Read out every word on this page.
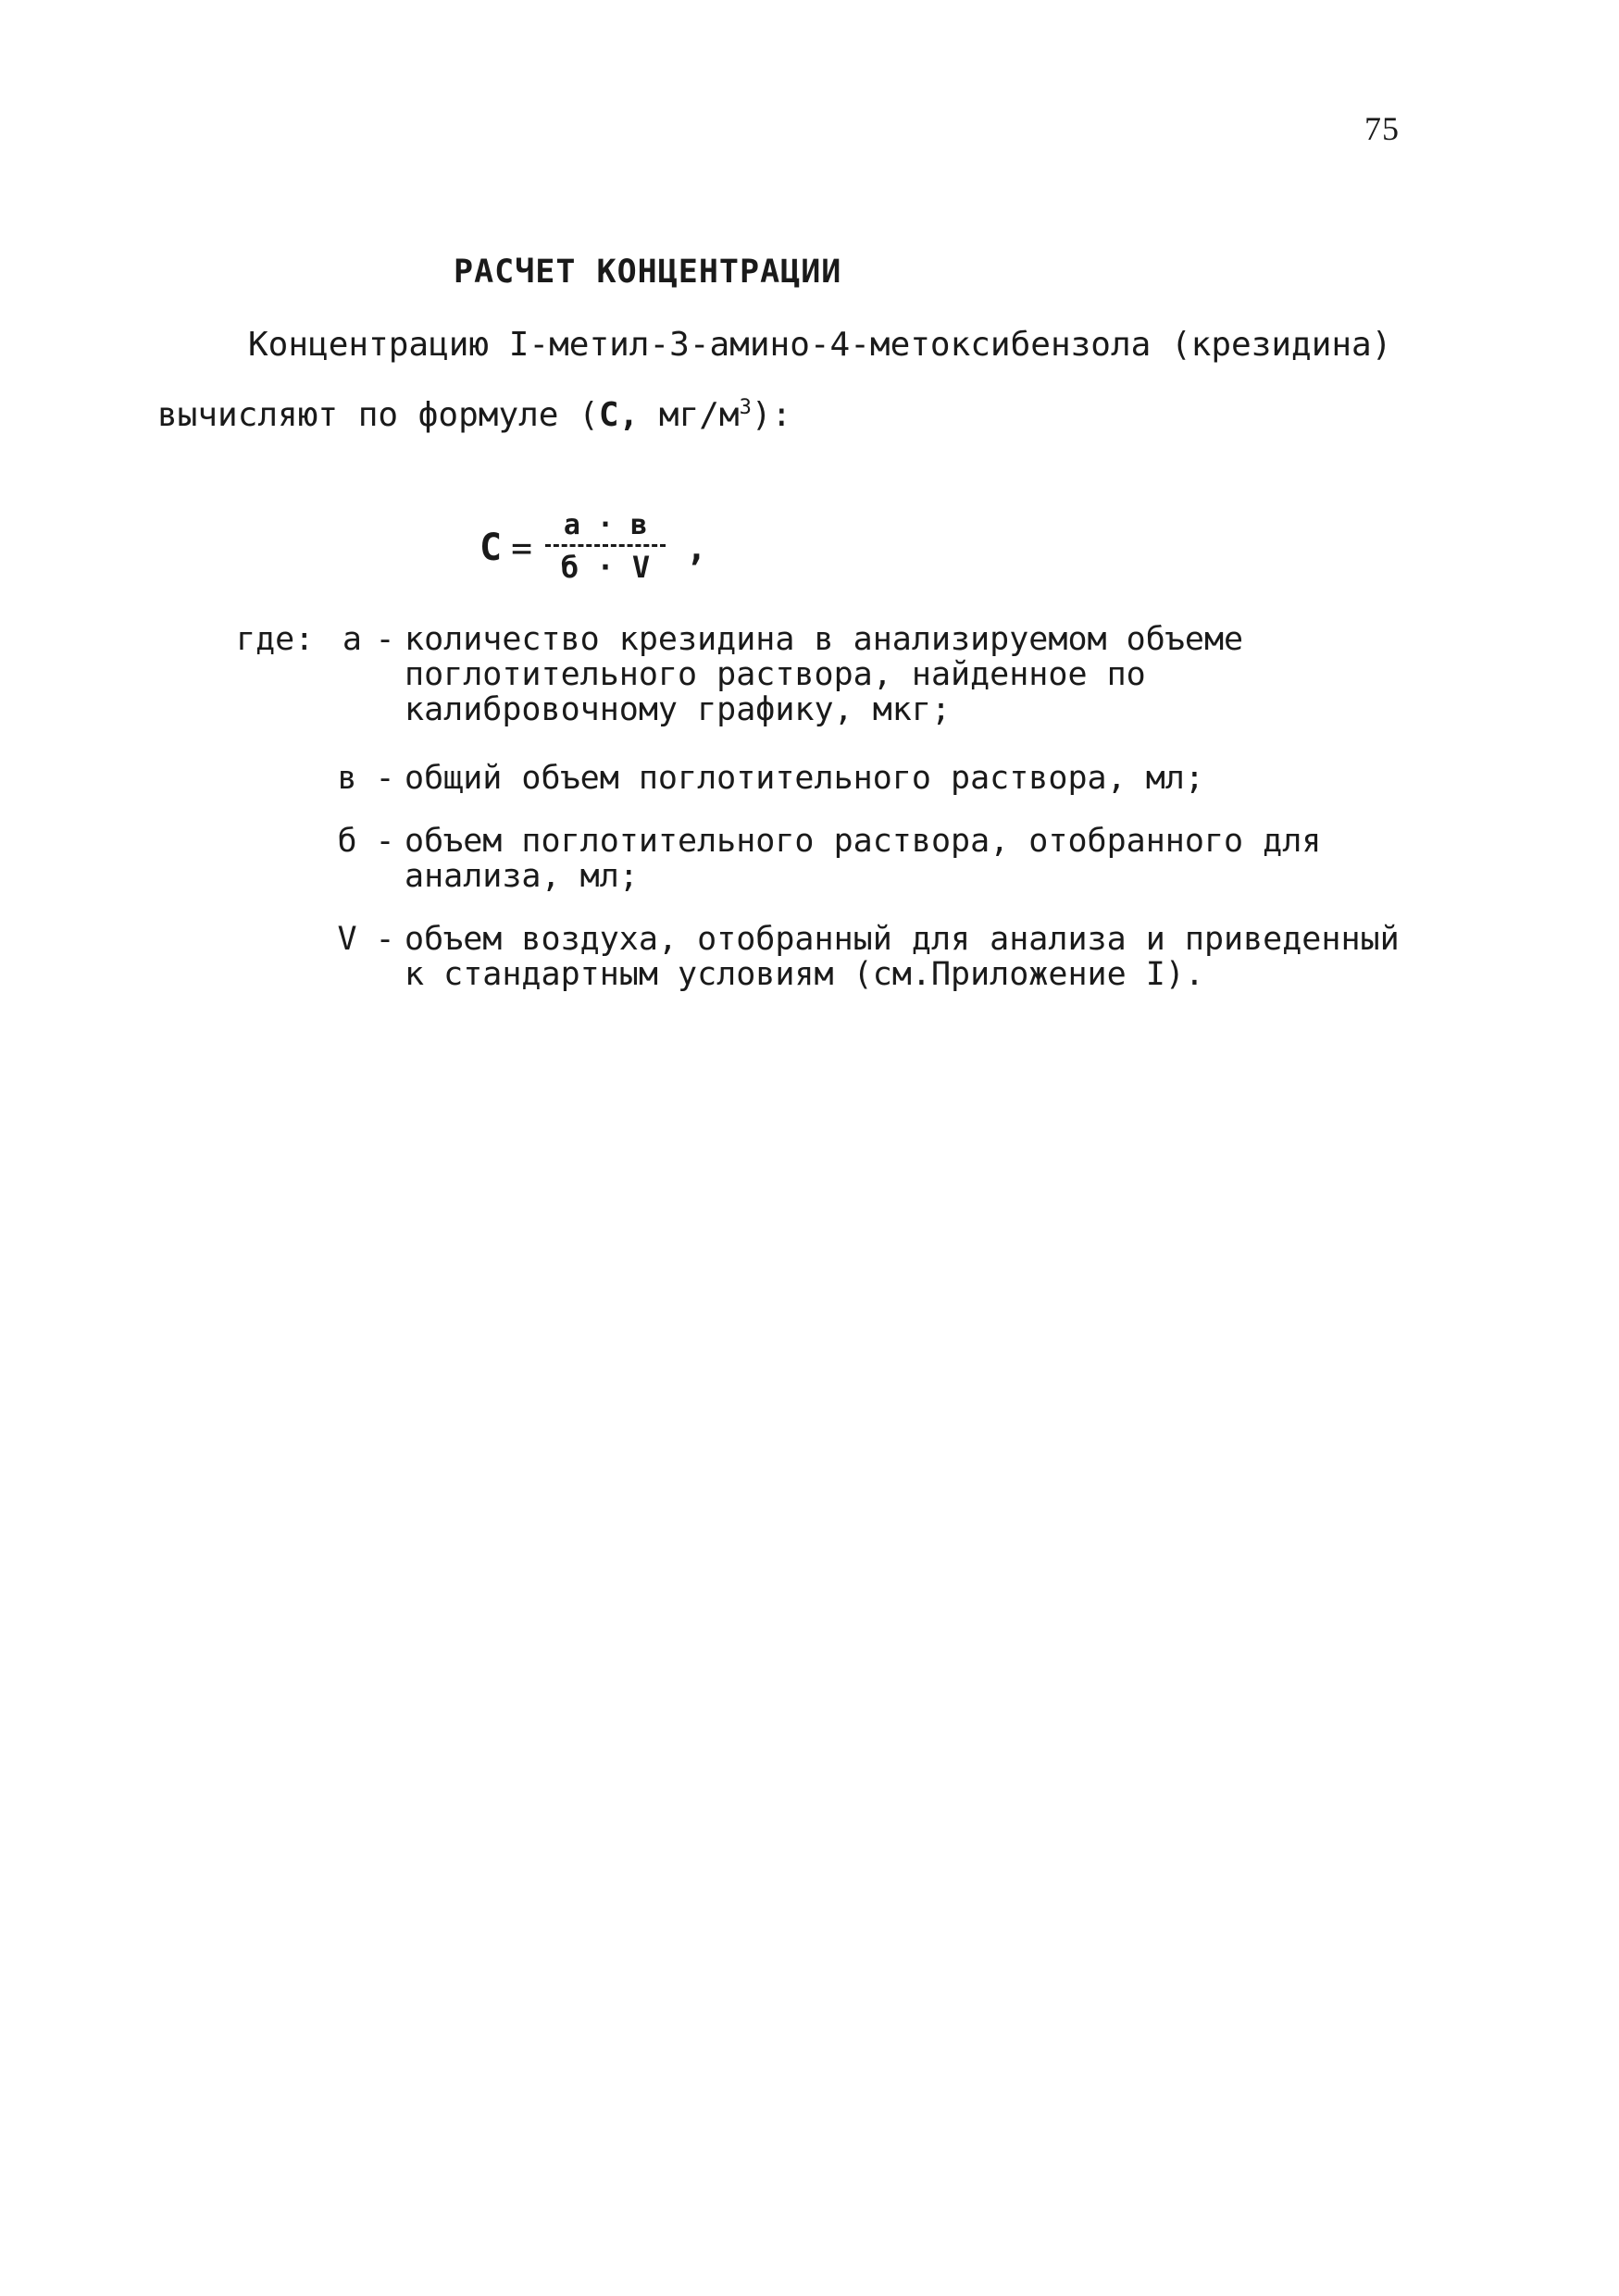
75
РАСЧЕТ КОНЦЕНТРАЦИИ
Концентрацию I-метил-3-амино-4-метоксибензола (крезидина)
вычисляют по формуле (С, $мг/м^3$):
$С = \frac{а \cdot в}{б \cdot V}$ ,
где: а - количество крезидина в анализируемом объеме поглотительного раствора, найденное по калибровочному графику, мкг;
в - общий объем поглотительного раствора, мл;
б - объем поглотительного раствора, отобранного для анализа, мл;
V - объем воздуха, отобранный для анализа и приведенный к стандартным условиям (см.Приложение I).
